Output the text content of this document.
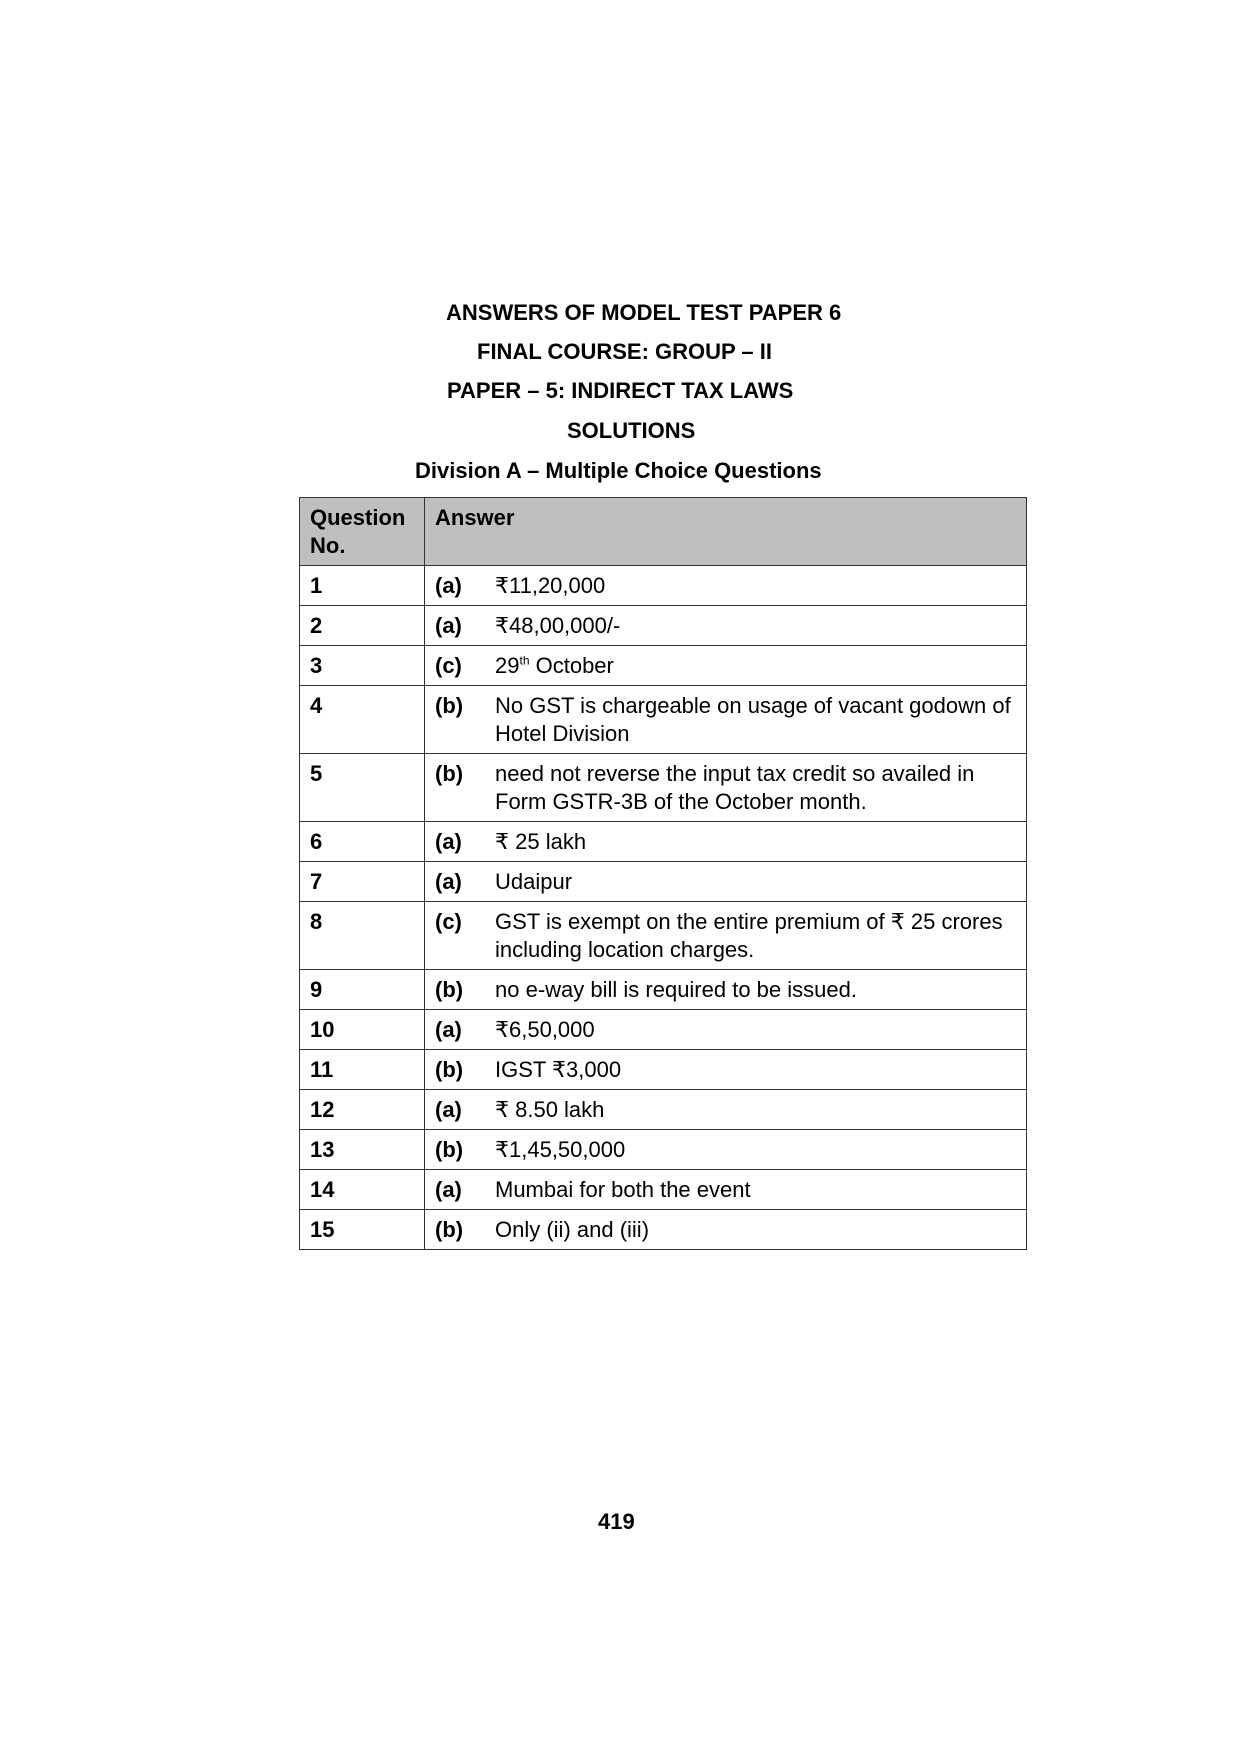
ANSWERS OF MODEL TEST PAPER 6
FINAL COURSE: GROUP – II
PAPER – 5: INDIRECT TAX LAWS
SOLUTIONS
Division A – Multiple Choice Questions
Question No.	Answer
1	(a) ₹11,20,000

2	(a) ₹48,00,000/-

3	(c) 29th October

4	(b) No GST is chargeable on usage of vacant godown of Hotel Division

5	(b) need not reverse the input tax credit so availed in Form GSTR-3B of the October month.

6	(a) ₹ 25 lakh

7	(a) Udaipur

8	(c) GST is exempt on the entire premium of ₹ 25 crores including location charges.

9	(b) no e-way bill is required to be issued.

10	(a) ₹6,50,000

11	(b) IGST ₹3,000

12	(a) ₹ 8.50 lakh

13	(b) ₹1,45,50,000

14	(a) Mumbai for both the event

15	(b) Only (ii) and (iii)
419
